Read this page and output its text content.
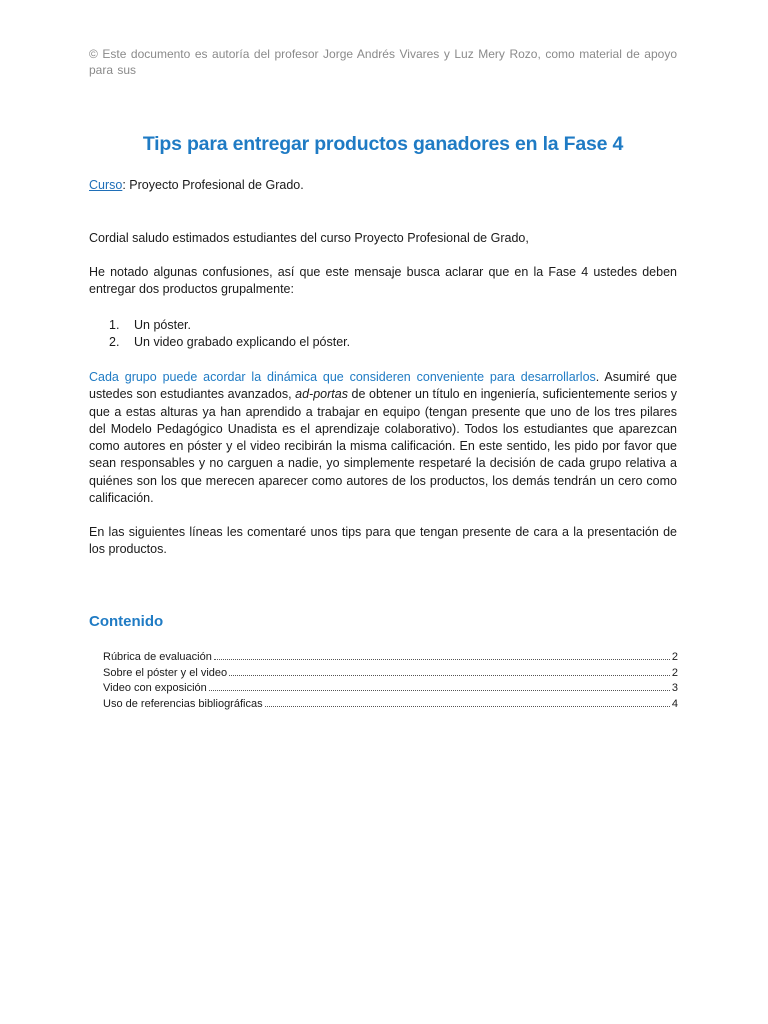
© Este documento es autoría del profesor Jorge Andrés Vivares y Luz Mery Rozo, como material de apoyo para sus
Tips para entregar productos ganadores en la Fase 4
Curso: Proyecto Profesional de Grado.
Cordial saludo estimados estudiantes del curso Proyecto Profesional de Grado,
He notado algunas confusiones, así que este mensaje busca aclarar que en la Fase 4 ustedes deben entregar dos productos grupalmente:
1.	Un póster.
2.	Un video grabado explicando el póster.
Cada grupo puede acordar la dinámica que consideren conveniente para desarrollarlos. Asumiré que ustedes son estudiantes avanzados, ad-portas de obtener un título en ingeniería, suficientemente serios y que a estas alturas ya han aprendido a trabajar en equipo (tengan presente que uno de los tres pilares del Modelo Pedagógico Unadista es el aprendizaje colaborativo). Todos los estudiantes que aparezcan como autores en póster y el video recibirán la misma calificación. En este sentido, les pido por favor que sean responsables y no carguen a nadie, yo simplemente respetaré la decisión de cada grupo relativa a quiénes son los que merecen aparecer como autores de los productos, los demás tendrán un cero como calificación.
En las siguientes líneas les comentaré unos tips para que tengan presente de cara a la presentación de los productos.
Contenido
Rúbrica de evaluación	2
Sobre el póster y el video	2
Video con exposición	3
Uso de referencias bibliográficas	4
